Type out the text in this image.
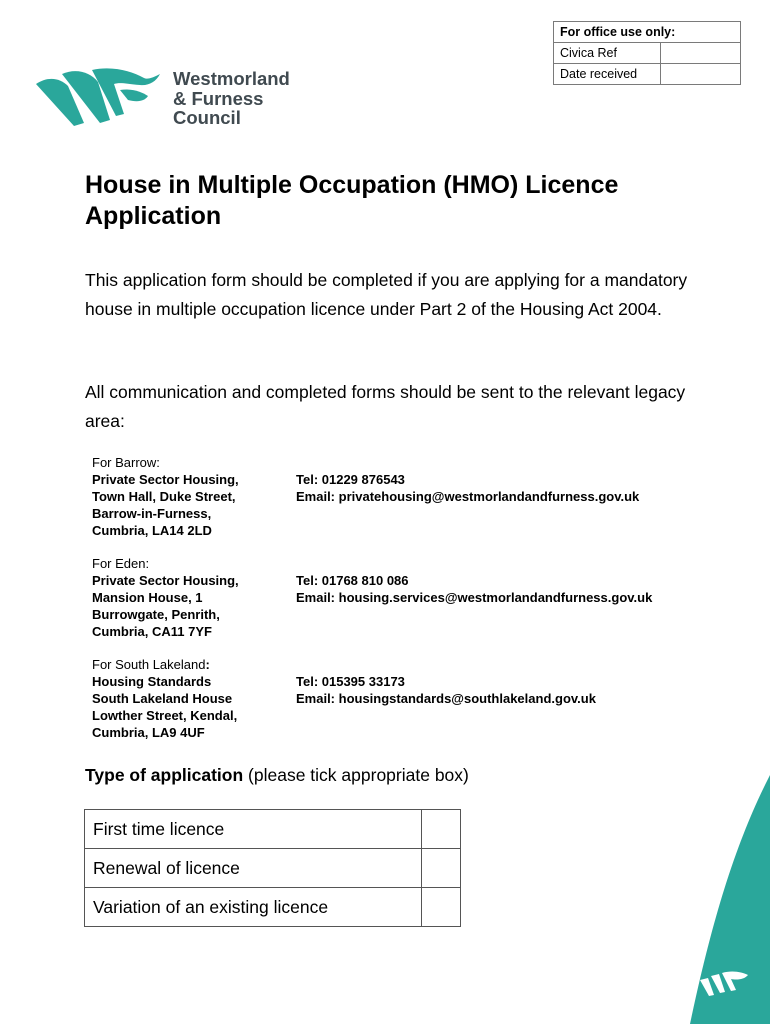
For office use only:	
Civica Ref	
Date received	
Westmorland
& Furness
Council
House in Multiple Occupation (HMO) Licence Application

This application form should be completed if you are applying for a mandatory house in multiple occupation licence under Part 2 of the Housing Act 2004.

All communication and completed forms should be sent to the relevant legacy area:

For Barrow:
Private Sector Housing,
Town Hall, Duke Street,
Barrow-in-Furness,
Cumbria, LA14 2LD
Tel: 01229 876543
Email: privatehousing@westmorlandandfurness.gov.uk
For Eden:
Private Sector Housing,
Mansion House, 1
Burrowgate, Penrith,
Cumbria, CA11 7YF
Tel: 01768 810 086
Email: housing.services@westmorlandandfurness.gov.uk
For South Lakeland:
Housing Standards
South Lakeland House
Lowther Street, Kendal,
Cumbria, LA9 4UF
Tel: 015395 33173
Email: housingstandards@southlakeland.gov.uk
Type of application (please tick appropriate box)
First time licence	
Renewal of licence	
Variation of an existing licence	
